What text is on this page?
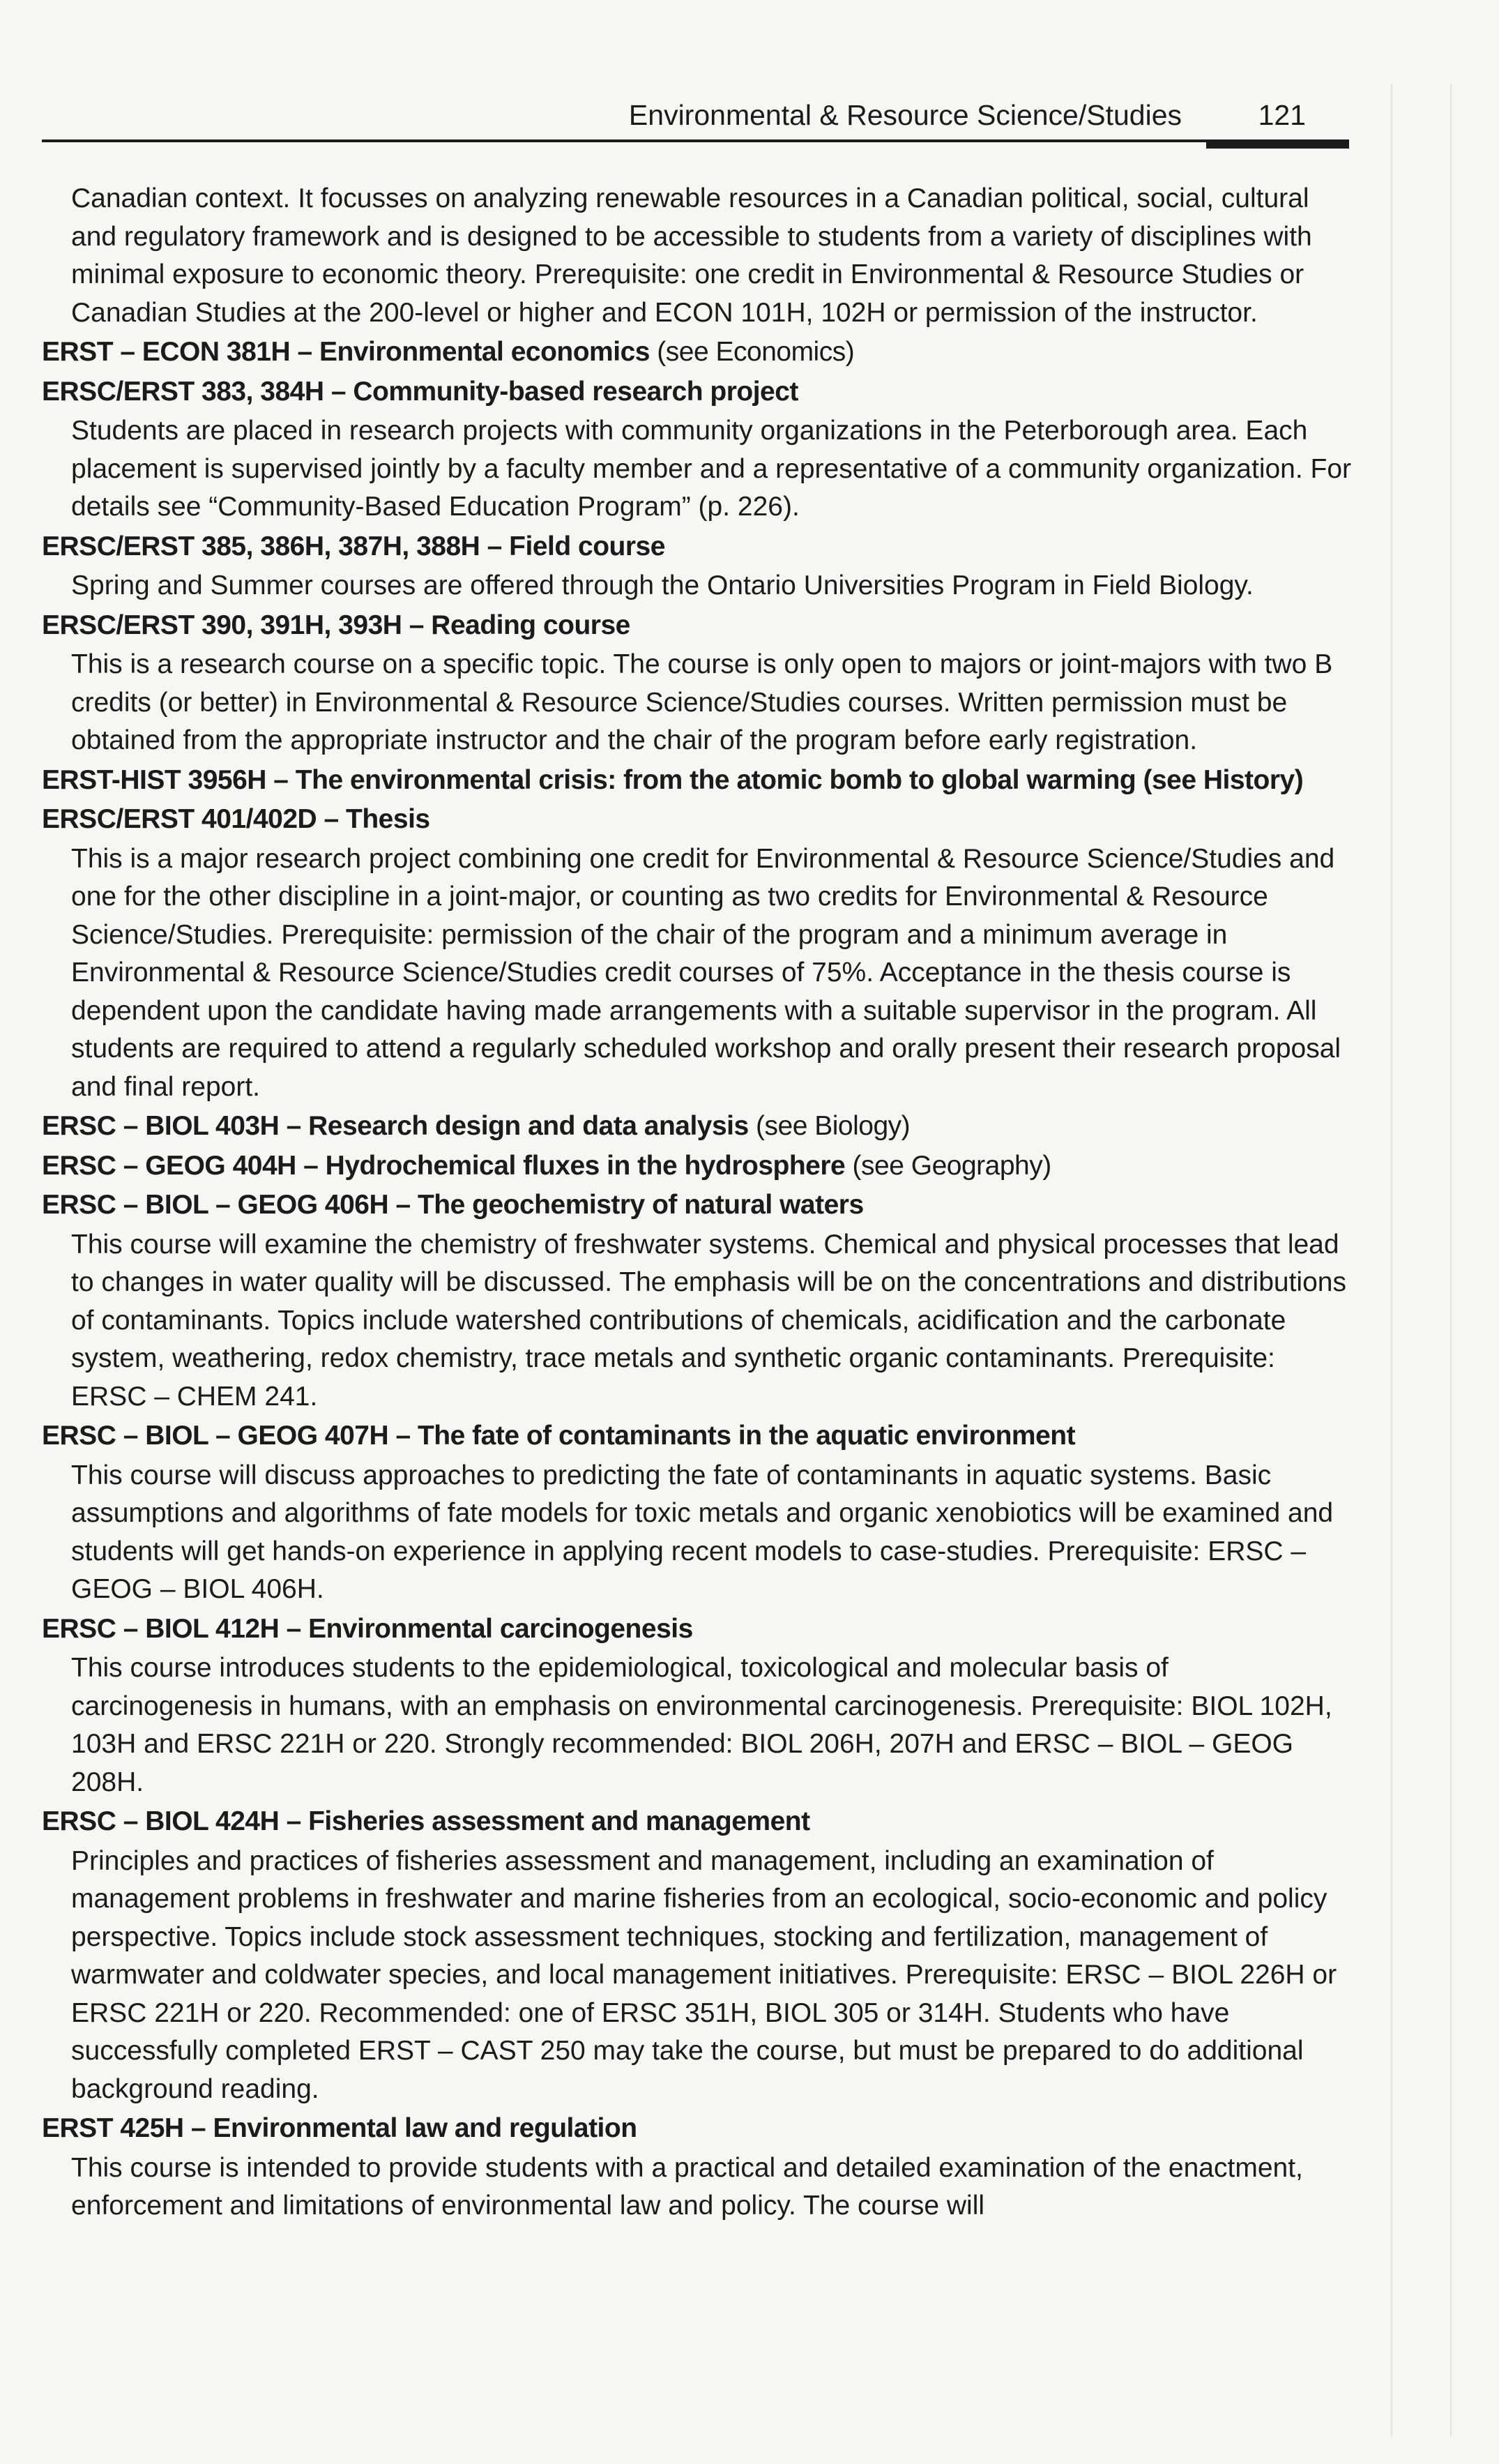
Environmental & Resource Science/Studies	121

Canadian context. It focusses on analyzing renewable resources in a Canadian political, social, cultural and regulatory framework and is designed to be accessible to students from a variety of disciplines with minimal exposure to economic theory. Prerequisite: one credit in Environmental & Resource Studies or Canadian Studies at the 200-level or higher and ECON 101H, 102H or permission of the instructor.

ERST – ECON 381H – Environmental economics (see Economics)
ERSC/ERST 383, 384H – Community-based research project

Students are placed in research projects with community organizations in the Peterborough area. Each placement is supervised jointly by a faculty member and a representative of a community organization. For details see “Community-Based Education Program” (p. 226).

ERSC/ERST 385, 386H, 387H, 388H – Field course

Spring and Summer courses are offered through the Ontario Universities Program in Field Biology.

ERSC/ERST 390, 391H, 393H – Reading course

This is a research course on a specific topic. The course is only open to majors or joint-majors with two B credits (or better) in Environmental & Resource Science/Studies courses. Written permission must be obtained from the appropriate instructor and the chair of the program before early registration.

ERST-HIST 3956H – The environmental crisis: from the atomic bomb to global warming (see History)
ERSC/ERST 401/402D – Thesis

This is a major research project combining one credit for Environmental & Resource Science/Studies and one for the other discipline in a joint-major, or counting as two credits for Environmental & Resource Science/Studies. Prerequisite: permission of the chair of the program and a minimum average in Environmental & Resource Science/Studies credit courses of 75%. Acceptance in the thesis course is dependent upon the candidate having made arrangements with a suitable supervisor in the program. All students are required to attend a regularly scheduled workshop and orally present their research proposal and final report.

ERSC – BIOL 403H – Research design and data analysis (see Biology)
ERSC – GEOG 404H – Hydrochemical fluxes in the hydrosphere (see Geography)
ERSC – BIOL – GEOG 406H – The geochemistry of natural waters

This course will examine the chemistry of freshwater systems. Chemical and physical processes that lead to changes in water quality will be discussed. The emphasis will be on the concentrations and distributions of contaminants. Topics include watershed contributions of chemicals, acidification and the carbonate system, weathering, redox chemistry, trace metals and synthetic organic contaminants. Prerequisite: ERSC – CHEM 241.

ERSC – BIOL – GEOG 407H – The fate of contaminants in the aquatic environment

This course will discuss approaches to predicting the fate of contaminants in aquatic systems. Basic assumptions and algorithms of fate models for toxic metals and organic xenobiotics will be examined and students will get hands-on experience in applying recent models to case-studies. Prerequisite: ERSC – GEOG – BIOL 406H.

ERSC – BIOL 412H – Environmental carcinogenesis

This course introduces students to the epidemiological, toxicological and molecular basis of carcinogenesis in humans, with an emphasis on environmental carcinogenesis. Prerequisite: BIOL 102H, 103H and ERSC 221H or 220. Strongly recommended: BIOL 206H, 207H and ERSC – BIOL – GEOG 208H.

ERSC – BIOL 424H – Fisheries assessment and management

Principles and practices of fisheries assessment and management, including an examination of management problems in freshwater and marine fisheries from an ecological, socio-economic and policy perspective. Topics include stock assessment techniques, stocking and fertilization, management of warmwater and coldwater species, and local management initiatives. Prerequisite: ERSC – BIOL 226H or ERSC 221H or 220. Recommended: one of ERSC 351H, BIOL 305 or 314H. Students who have successfully completed ERST – CAST 250 may take the course, but must be prepared to do additional background reading.

ERST 425H – Environmental law and regulation

This course is intended to provide students with a practical and detailed examination of the enactment, enforcement and limitations of environmental law and policy. The course will
